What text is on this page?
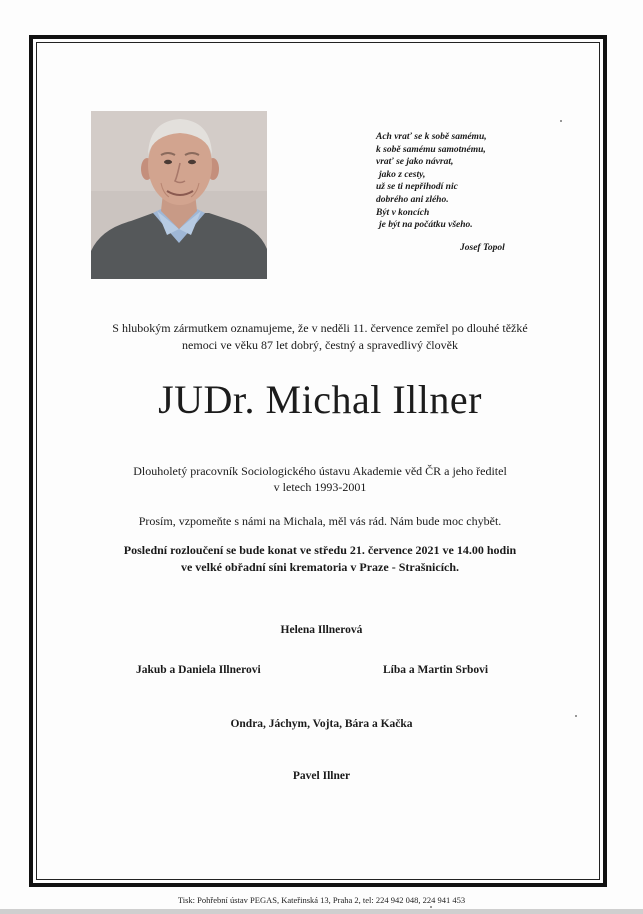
Ach vrať se k sobě samému,
k sobě samému samotnému,
vrať se jako návrat,
jako z cesty,
už se ti nepřihodí nic
dobrého ani zlého.
Být v koncích
je být na počátku všeho.
Josef Topol
S hlubokým zármutkem oznamujeme, že v neděli 11. července zemřel po dlouhé těžké
nemoci ve věku 87 let dobrý, čestný a spravedlivý člověk
JUDr. Michal Illner
Dlouholetý pracovník Sociologického ústavu Akademie věd ČR a jeho ředitel
v letech 1993-2001
Prosím, vzpomeňte s námi na Michala, měl vás rád. Nám bude moc chybět.
Poslední rozloučení se bude konat ve středu 21. července 2021 ve 14.00 hodin
ve velké obřadní síni krematoria v Praze - Strašnicích.
Helena Illnerová
Jakub a Daniela Illnerovi	Líba a Martin Srbovi
Ondra, Jáchym, Vojta, Bára a Kačka
Pavel Illner
Tisk: Pohřební ústav PEGAS, Kateřinská 13, Praha 2, tel: 224 942 048, 224 941 453
